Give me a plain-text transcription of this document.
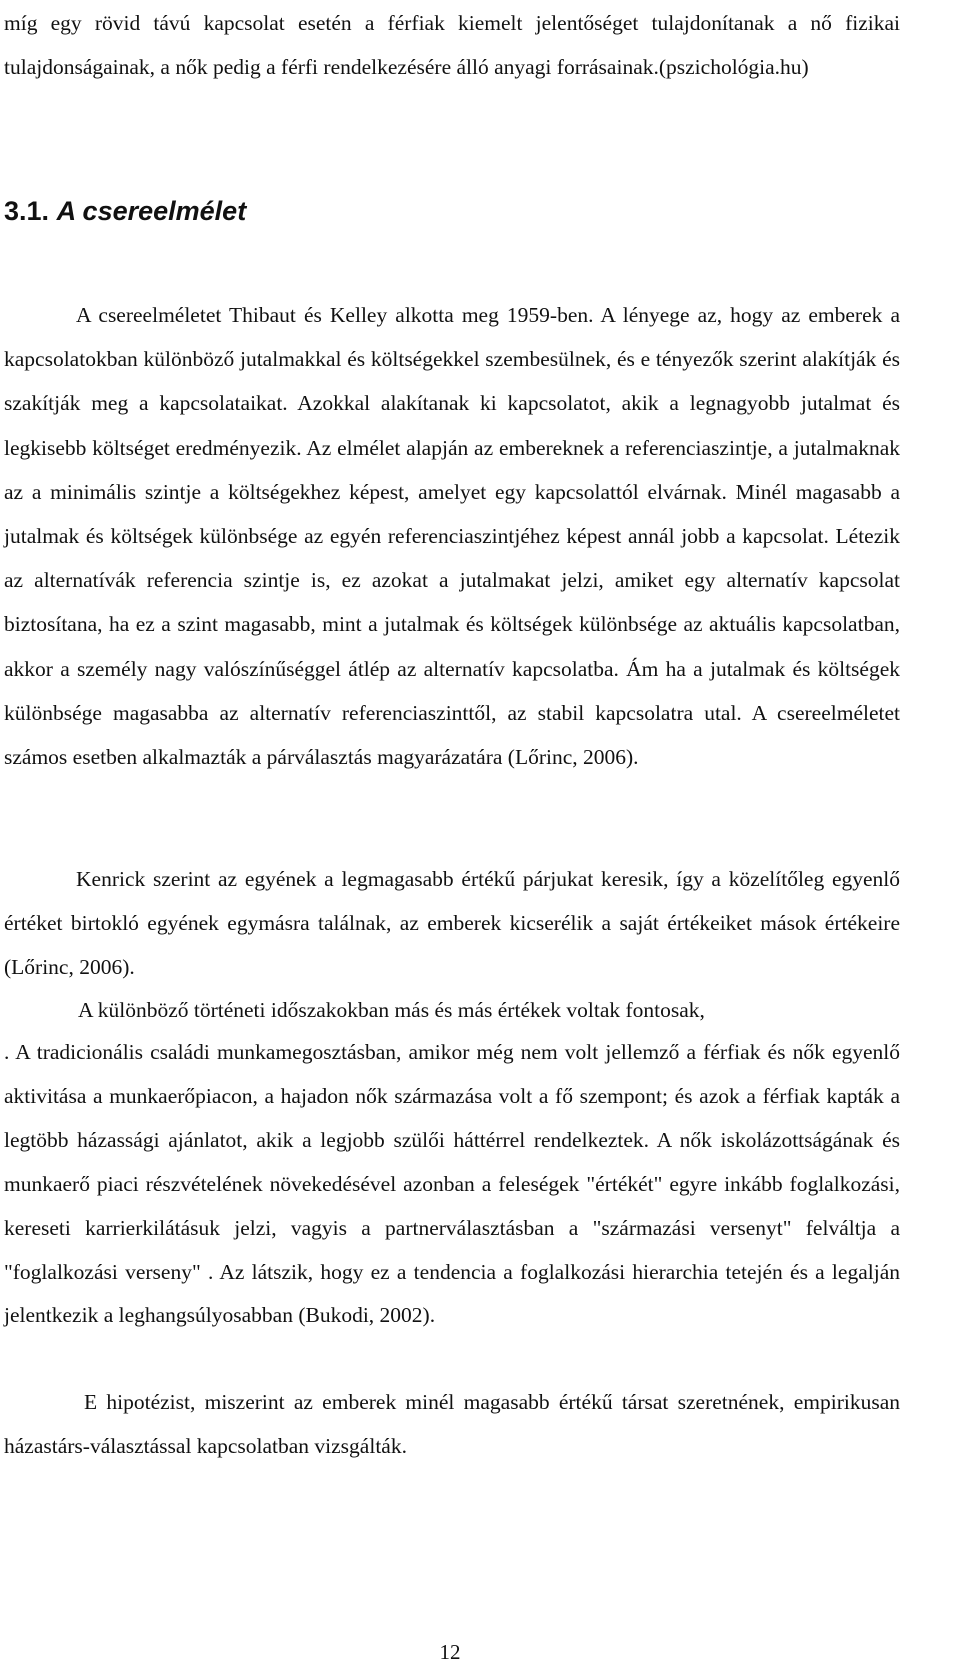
míg egy rövid távú kapcsolat esetén a férfiak kiemelt jelentőséget tulajdonítanak a nő fizikai tulajdonságainak, a nők pedig a férfi rendelkezésére álló anyagi forrásainak.(pszichológia.hu)

3.1. A csereelmélet

A csereelméletet Thibaut és Kelley alkotta meg 1959-ben. A lényege az, hogy az emberek a kapcsolatokban különböző jutalmakkal és költségekkel szembesülnek, és e tényezők szerint alakítják és szakítják meg a kapcsolataikat. Azokkal alakítanak ki kapcsolatot, akik a legnagyobb jutalmat és legkisebb költséget eredményezik. Az elmélet alapján az embereknek a referenciaszintje, a jutalmaknak az a minimális szintje a költségekhez képest, amelyet egy kapcsolattól elvárnak. Minél magasabb a jutalmak és költségek különbsége az egyén referenciaszintjéhez képest annál jobb a kapcsolat. Létezik az alternatívák referencia szintje is, ez azokat a jutalmakat jelzi, amiket egy alternatív kapcsolat biztosítana, ha ez a szint magasabb, mint a jutalmak és költségek különbsége az aktuális kapcsolatban, akkor a személy nagy valószínűséggel átlép az alternatív kapcsolatba. Ám ha a jutalmak és költségek különbsége magasabba az alternatív referenciaszinttől, az stabil kapcsolatra utal. A csereelméletet számos esetben alkalmazták a párválasztás magyarázatára (Lőrinc, 2006).

Kenrick szerint az egyének a legmagasabb értékű párjukat keresik, így a közelítőleg egyenlő értéket birtokló egyének egymásra találnak, az emberek kicserélik a saját értékeiket mások értékeire (Lőrinc, 2006).

A különböző történeti időszakokban más és más értékek voltak fontosak,

. A tradicionális családi munkamegosztásban, amikor még nem volt jellemző a férfiak és nők egyenlő aktivitása a munkaerőpiacon, a hajadon nők származása volt a fő szempont; és azok a férfiak kapták a legtöbb házassági ajánlatot, akik a legjobb szülői háttérrel rendelkeztek. A nők iskolázottságának és munkaerő piaci részvételének növekedésével azonban a feleségek "értékét" egyre inkább foglalkozási, kereseti karrierkilátásuk jelzi, vagyis a partnerválasztásban a "származási versenyt" felváltja a "foglalkozási verseny" . Az látszik, hogy ez a tendencia a foglalkozási hierarchia tetején és a legalján jelentkezik a leghangsúlyosabban (Bukodi, 2002).

E hipotézist, miszerint az emberek minél magasabb értékű társat szeretnének, empirikusan házastárs-választással kapcsolatban vizsgálták.

12
